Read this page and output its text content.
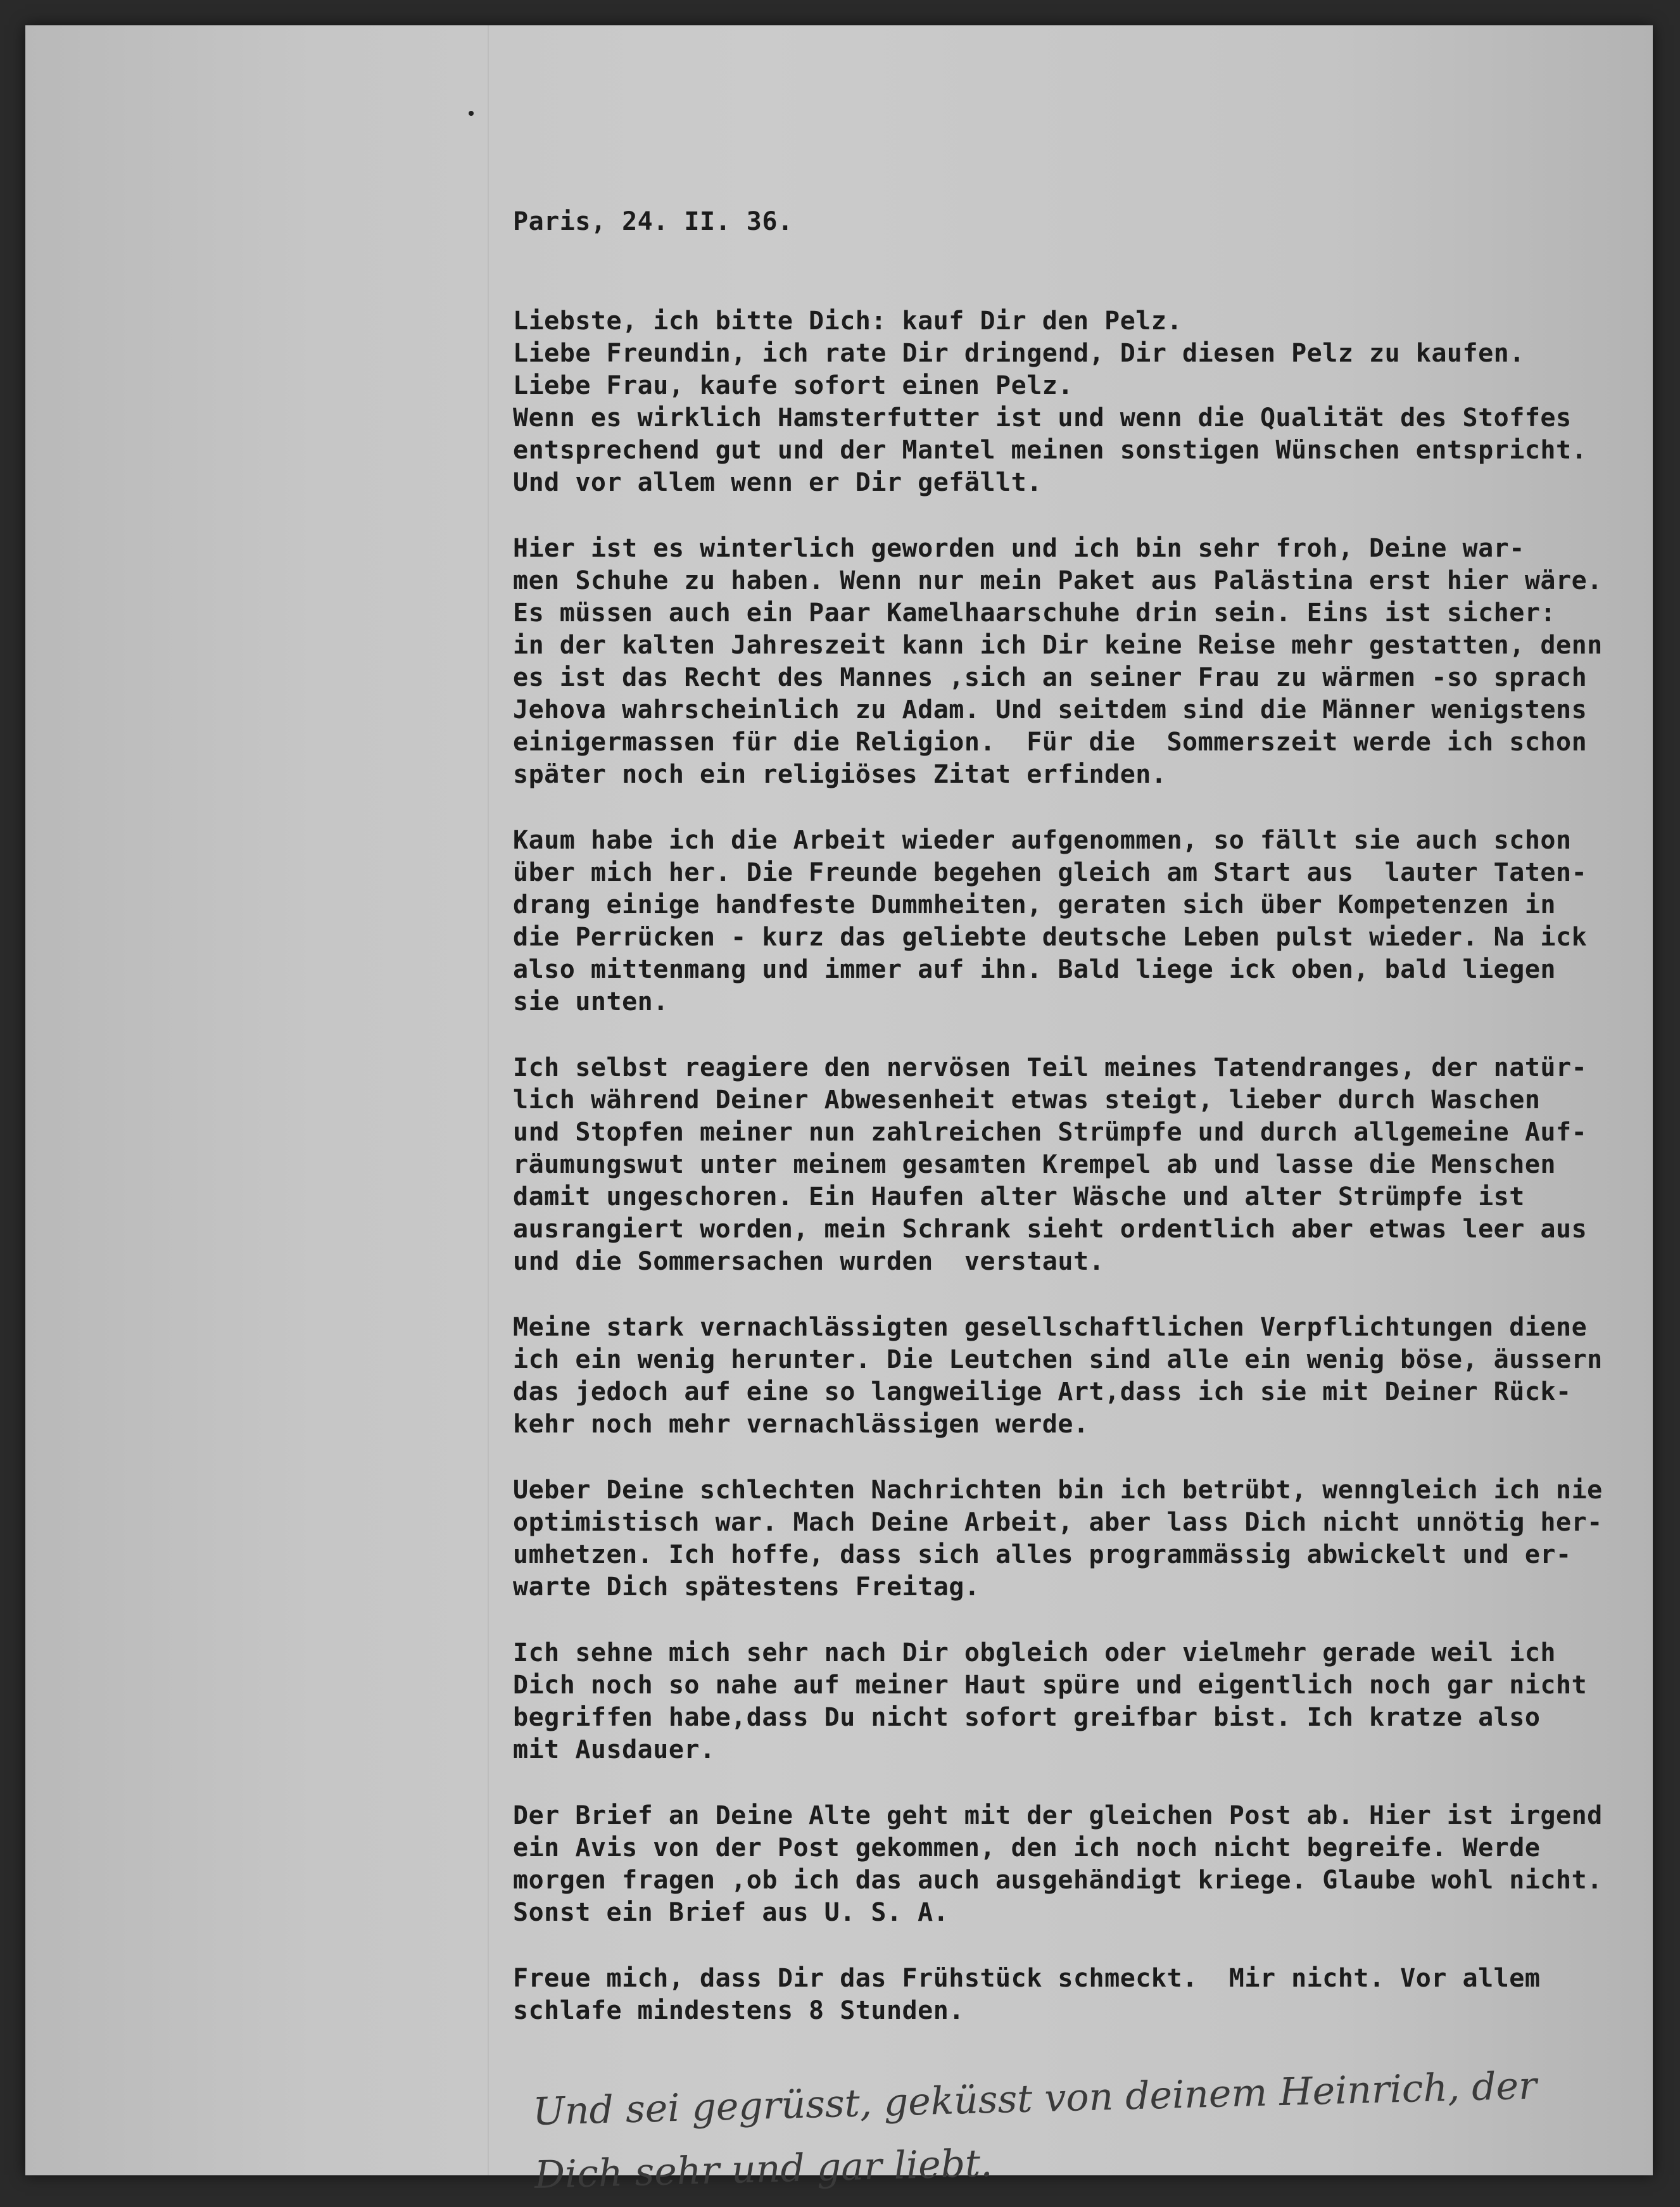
Paris, 24. II. 36.
Liebste, ich bitte Dich: kauf Dir den Pelz.
Liebe Freundin, ich rate Dir dringend, Dir diesen Pelz zu kaufen.
Liebe Frau, kaufe sofort einen Pelz.
Wenn es wirklich Hamsterfutter ist und wenn die Qualität des Stoffes
entsprechend gut und der Mantel meinen sonstigen Wünschen entspricht.
Und vor allem wenn er Dir gefällt.
Hier ist es winterlich geworden und ich bin sehr froh, Deine war-
men Schuhe zu haben. Wenn nur mein Paket aus Palästina erst hier wäre.
Es müssen auch ein Paar Kamelhaarschuhe drin sein. Eins ist sicher:
in der kalten Jahreszeit kann ich Dir keine Reise mehr gestatten, denn
es ist das Recht des Mannes ,sich an seiner Frau zu wärmen -so sprach
Jehova wahrscheinlich zu Adam. Und seitdem sind die Männer wenigstens
einigermassen für die Religion.  Für die  Sommerszeit werde ich schon
später noch ein religiöses Zitat erfinden.
Kaum habe ich die Arbeit wieder aufgenommen, so fällt sie auch schon
über mich her. Die Freunde begehen gleich am Start aus  lauter Taten-
drang einige handfeste Dummheiten, geraten sich über Kompetenzen in
die Perrücken - kurz das geliebte deutsche Leben pulst wieder. Na ick
also mittenmang und immer auf ihn. Bald liege ick oben, bald liegen
sie unten.
Ich selbst reagiere den nervösen Teil meines Tatendranges, der natür-
lich während Deiner Abwesenheit etwas steigt, lieber durch Waschen
und Stopfen meiner nun zahlreichen Strümpfe und durch allgemeine Auf-
räumungswut unter meinem gesamten Krempel ab und lasse die Menschen
damit ungeschoren. Ein Haufen alter Wäsche und alter Strümpfe ist
ausrangiert worden, mein Schrank sieht ordentlich aber etwas leer aus
und die Sommersachen wurden  verstaut.
Meine stark vernachlässigten gesellschaftlichen Verpflichtungen diene
ich ein wenig herunter. Die Leutchen sind alle ein wenig böse, äussern
das jedoch auf eine so langweilige Art,dass ich sie mit Deiner Rück-
kehr noch mehr vernachlässigen werde.
Ueber Deine schlechten Nachrichten bin ich betrübt, wenngleich ich nie
optimistisch war. Mach Deine Arbeit, aber lass Dich nicht unnötig her-
umhetzen. Ich hoffe, dass sich alles programmässig abwickelt und er-
warte Dich spätestens Freitag.
Ich sehne mich sehr nach Dir obgleich oder vielmehr gerade weil ich
Dich noch so nahe auf meiner Haut spüre und eigentlich noch gar nicht
begriffen habe,dass Du nicht sofort greifbar bist. Ich kratze also
mit Ausdauer.
Der Brief an Deine Alte geht mit der gleichen Post ab. Hier ist irgend
ein Avis von der Post gekommen, den ich noch nicht begreife. Werde
morgen fragen ,ob ich das auch ausgehändigt kriege. Glaube wohl nicht.
Sonst ein Brief aus U. S. A.
Freue mich, dass Dir das Frühstück schmeckt.  Mir nicht. Vor allem
schlafe mindestens 8 Stunden.
Und sei gegrüsst, geküsst von deinem Heinrich, der
Dich sehr und gar liebt.
